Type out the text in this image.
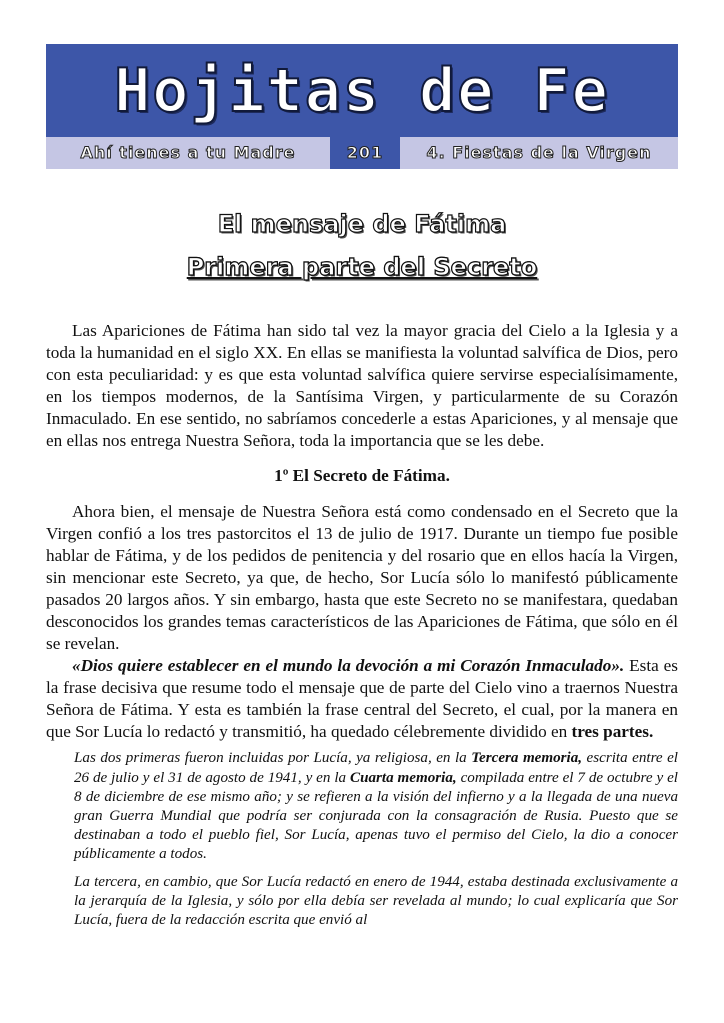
Hojitas de Fe
Ahí tienes a tu Madre	201	4. Fiestas de la Virgen
El mensaje de Fátima
Primera parte del Secreto

Las Apariciones de Fátima han sido tal vez la mayor gracia del Cielo a la Iglesia y a toda la humanidad en el siglo XX. En ellas se manifiesta la voluntad salvífica de Dios, pero con esta peculiaridad: y es que esta voluntad salvífica quiere servirse especialísimamente, en los tiempos modernos, de la Santísima Virgen, y particularmente de su Corazón Inmaculado. En ese sentido, no sabríamos concederle a estas Apariciones, y al mensaje que en ellas nos entrega Nuestra Señora, toda la importancia que se les debe.

1º El Secreto de Fátima.

Ahora bien, el mensaje de Nuestra Señora está como condensado en el Secreto que la Virgen confió a los tres pastorcitos el 13 de julio de 1917. Durante un tiempo fue posible hablar de Fátima, y de los pedidos de penitencia y del rosario que en ellos hacía la Virgen, sin mencionar este Secreto, ya que, de hecho, Sor Lucía sólo lo manifestó públicamente pasados 20 largos años. Y sin embargo, hasta que este Secreto no se manifestara, quedaban desconocidos los grandes temas característicos de las Apariciones de Fátima, que sólo en él se revelan.

«Dios quiere establecer en el mundo la devoción a mi Corazón Inmaculado». Esta es la frase decisiva que resume todo el mensaje que de parte del Cielo vino a traernos Nuestra Señora de Fátima. Y esta es también la frase central del Secreto, el cual, por la manera en que Sor Lucía lo redactó y transmitió, ha quedado célebremente dividido en tres partes.

Las dos primeras fueron incluidas por Lucía, ya religiosa, en la Tercera memoria, escrita entre el 26 de julio y el 31 de agosto de 1941, y en la Cuarta memoria, compilada entre el 7 de octubre y el 8 de diciembre de ese mismo año; y se refieren a la visión del infierno y a la llegada de una nueva gran Guerra Mundial que podría ser conjurada con la consagración de Rusia. Puesto que se destinaban a todo el pueblo fiel, Sor Lucía, apenas tuvo el permiso del Cielo, la dio a conocer públicamente a todos.

La tercera, en cambio, que Sor Lucía redactó en enero de 1944, estaba destinada exclusivamente a la jerarquía de la Iglesia, y sólo por ella debía ser revelada al mundo; lo cual explicaría que Sor Lucía, fuera de la redacción escrita que envió al
